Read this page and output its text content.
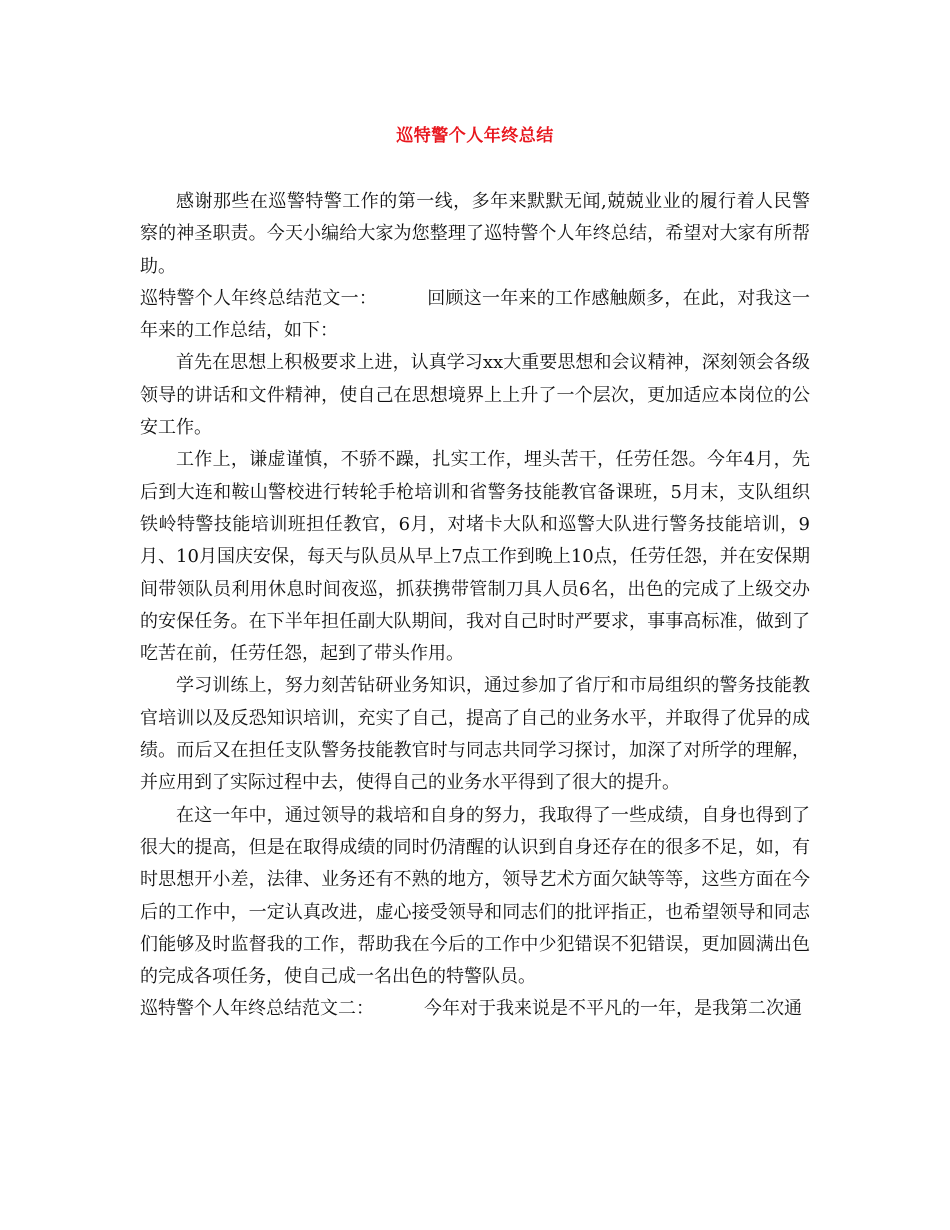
巡特警个人年终总结

感谢那些在巡警特警工作的第一线，多年来默默无闻,兢兢业业的履行着人民警察的神圣职责。今天小编给大家为您整理了巡特警个人年终总结，希望对大家有所帮助。

巡特警个人年终总结范文一：	回顾这一年来的工作感触颇多，在此，对我这一年来的工作总结，如下：

首先在思想上积极要求上进，认真学习xx大重要思想和会议精神，深刻领会各级领导的讲话和文件精神，使自己在思想境界上上升了一个层次，更加适应本岗位的公安工作。

工作上，谦虚谨慎，不骄不躁，扎实工作，埋头苦干，任劳任怨。今年4月，先后到大连和鞍山警校进行转轮手枪培训和省警务技能教官备课班，5月末，支队组织铁岭特警技能培训班担任教官，6月，对堵卡大队和巡警大队进行警务技能培训，9月、10月国庆安保，每天与队员从早上7点工作到晚上10点，任劳任怨，并在安保期间带领队员利用休息时间夜巡，抓获携带管制刀具人员6名，出色的完成了上级交办的安保任务。在下半年担任副大队期间，我对自己时时严要求，事事高标准，做到了吃苦在前，任劳任怨，起到了带头作用。

学习训练上，努力刻苦钻研业务知识，通过参加了省厅和市局组织的警务技能教官培训以及反恐知识培训，充实了自己，提高了自己的业务水平，并取得了优异的成绩。而后又在担任支队警务技能教官时与同志共同学习探讨，加深了对所学的理解，并应用到了实际过程中去，使得自己的业务水平得到了很大的提升。

在这一年中，通过领导的栽培和自身的努力，我取得了一些成绩，自身也得到了很大的提高，但是在取得成绩的同时仍清醒的认识到自身还存在的很多不足，如，有时思想开小差，法律、业务还有不熟的地方，领导艺术方面欠缺等等，这些方面在今后的工作中，一定认真改进，虚心接受领导和同志们的批评指正，也希望领导和同志们能够及时监督我的工作，帮助我在今后的工作中少犯错误不犯错误，更加圆满出色的完成各项任务，使自己成一名出色的特警队员。

巡特警个人年终总结范文二：	今年对于我来说是不平凡的一年，是我第二次通
